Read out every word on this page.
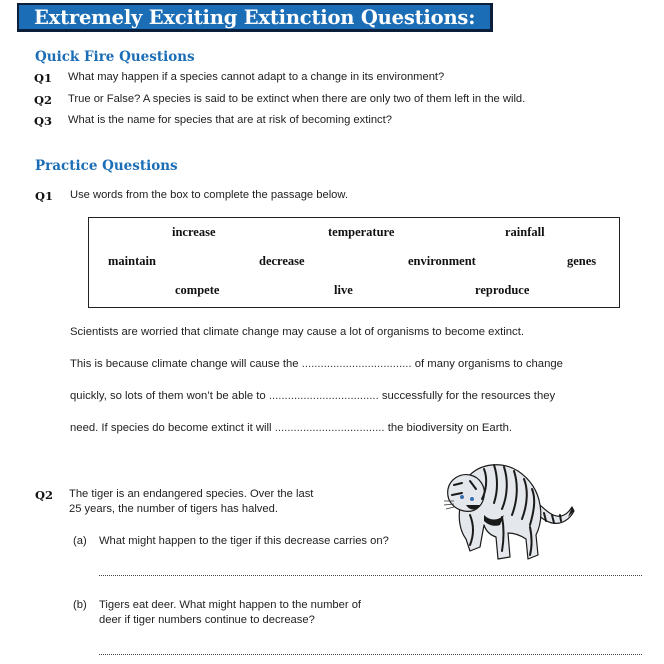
Extremely Exciting Extinction Questions:
Quick Fire Questions
Q1 What may happen if a species cannot adapt to a change in its environment?
Q2 True or False? A species is said to be extinct when there are only two of them left in the wild.
Q3 What is the name for species that are at risk of becoming extinct?
Practice Questions
Q1 Use words from the box to complete the passage below.
increase	temperature	rainfall
maintain	decrease	environment	genes
compete	live	reproduce
Scientists are worried that climate change may cause a lot of organisms to become extinct.
This is because climate change will cause the ................................... of many organisms to change
quickly, so lots of them won’t be able to ................................... successfully for the resources they
need. If species do become extinct it will ................................... the biodiversity on Earth.
Q2 The tiger is an endangered species. Over the last
25 years, the number of tigers has halved.
(a) What might happen to the tiger if this decrease carries on?
(b) Tigers eat deer. What might happen to the number of
deer if tiger numbers continue to decrease?
